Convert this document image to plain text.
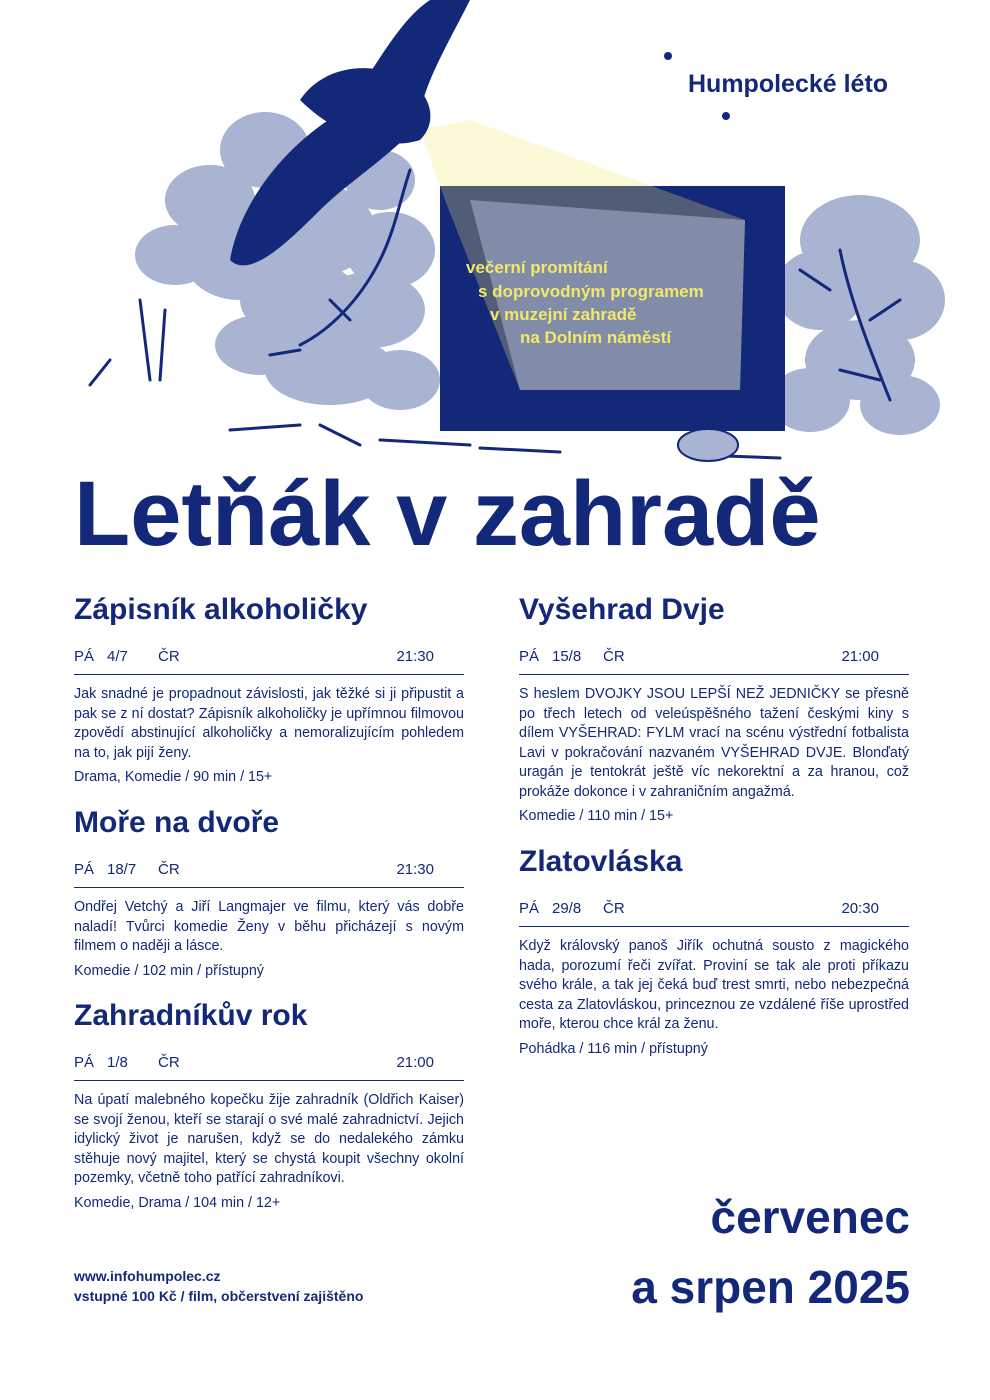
Humpolecké léto
večerní promítání
s doprovodným programem
v muzejní zahradě
na Dolním náměstí
Letňák v zahradě
Zápisník alkoholičky
PÁ 4/7 ČR	21:30
Jak snadné je propadnout závislosti, jak těžké si ji připustit a pak se z ní dostat? Zápisník alkoholičky je upřímnou filmovou zpovědí abstinující alkoholičky a nemoralizujícím pohledem na to, jak pijí ženy.
Drama, Komedie / 90 min / 15+
Moře na dvoře
PÁ 18/7 ČR	21:30
Ondřej Vetchý a Jiří Langmajer ve filmu, který vás dobře naladí! Tvůrci komedie Ženy v běhu přicházejí s novým filmem o naději a lásce.
Komedie / 102 min / přístupný
Zahradníkův rok
PÁ 1/8 ČR	21:00
Na úpatí malebného kopečku žije zahradník (Oldřich Kaiser) se svojí ženou, kteří se starají o své malé zahradnictví. Jejich idylický život je narušen, když se do nedalekého zámku stěhuje nový majitel, který se chystá koupit všechny okolní pozemky, včetně toho patřící zahradníkovi.
Komedie, Drama / 104 min / 12+
Vyšehrad Dvje
PÁ 15/8 ČR	21:00
S heslem DVOJKY JSOU LEPŠÍ NEŽ JEDNIČKY se přesně po třech letech od veleúspěšného tažení českými kiny s dílem VYŠEHRAD: FYLM vrací na scénu výstřední fotbalista Lavi v pokračování nazvaném VYŠEHRAD DVJE. Blonďatý uragán je tentokrát ještě víc nekorektní a za hranou, což prokáže dokonce i v zahraničním angažmá.
Komedie / 110 min / 15+
Zlatovláska
PÁ 29/8 ČR	20:30
Když královský panoš Jiřík ochutná sousto z magického hada, porozumí řeči zvířat. Proviní se tak ale proti příkazu svého krále, a tak jej čeká buď trest smrti, nebo nebezpečná cesta za Zlatovláskou, princeznou ze vzdálené říše uprostřed moře, kterou chce král za ženu.
Pohádka / 116 min / přístupný
www.infohumpolec.cz
vstupné 100 Kč / film, občerstvení zajištěno
červenec
a srpen 2025
